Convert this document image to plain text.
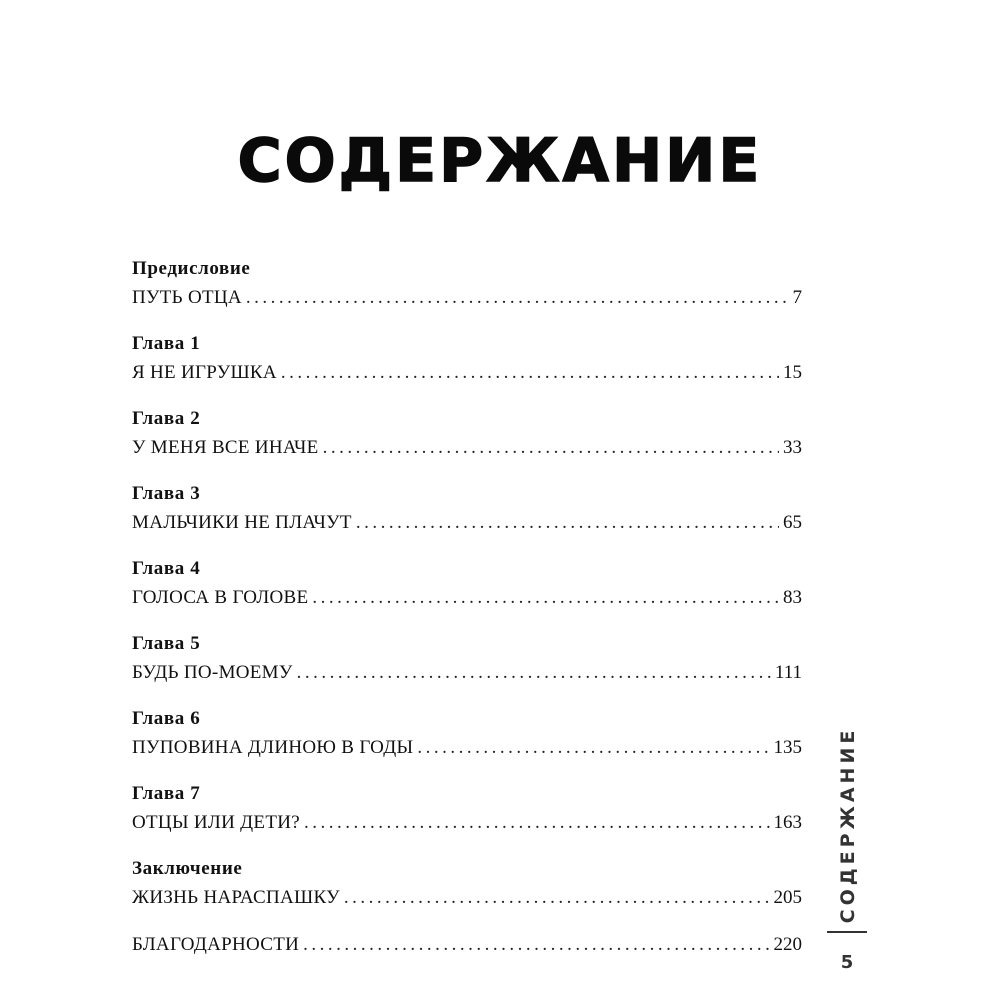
СОДЕРЖАНИЕ
Предисловие
ПУТЬ ОТЦА .....	7
Глава 1
Я НЕ ИГРУШКА .....	15
Глава 2
У МЕНЯ ВСЕ ИНАЧЕ .....	33
Глава 3
МАЛЬЧИКИ НЕ ПЛАЧУТ .....	65
Глава 4
ГОЛОСА В ГОЛОВЕ .....	83
Глава 5
БУДЬ ПО-МОЕМУ .....	111
Глава 6
ПУПОВИНА ДЛИНОЮ В ГОДЫ .....	135
Глава 7
ОТЦЫ ИЛИ ДЕТИ? .....	163
Заключение
ЖИЗНЬ НАРАСПАШКУ .....	205
БЛАГОДАРНОСТИ .....	220
СОДЕРЖАНИЕ
5
